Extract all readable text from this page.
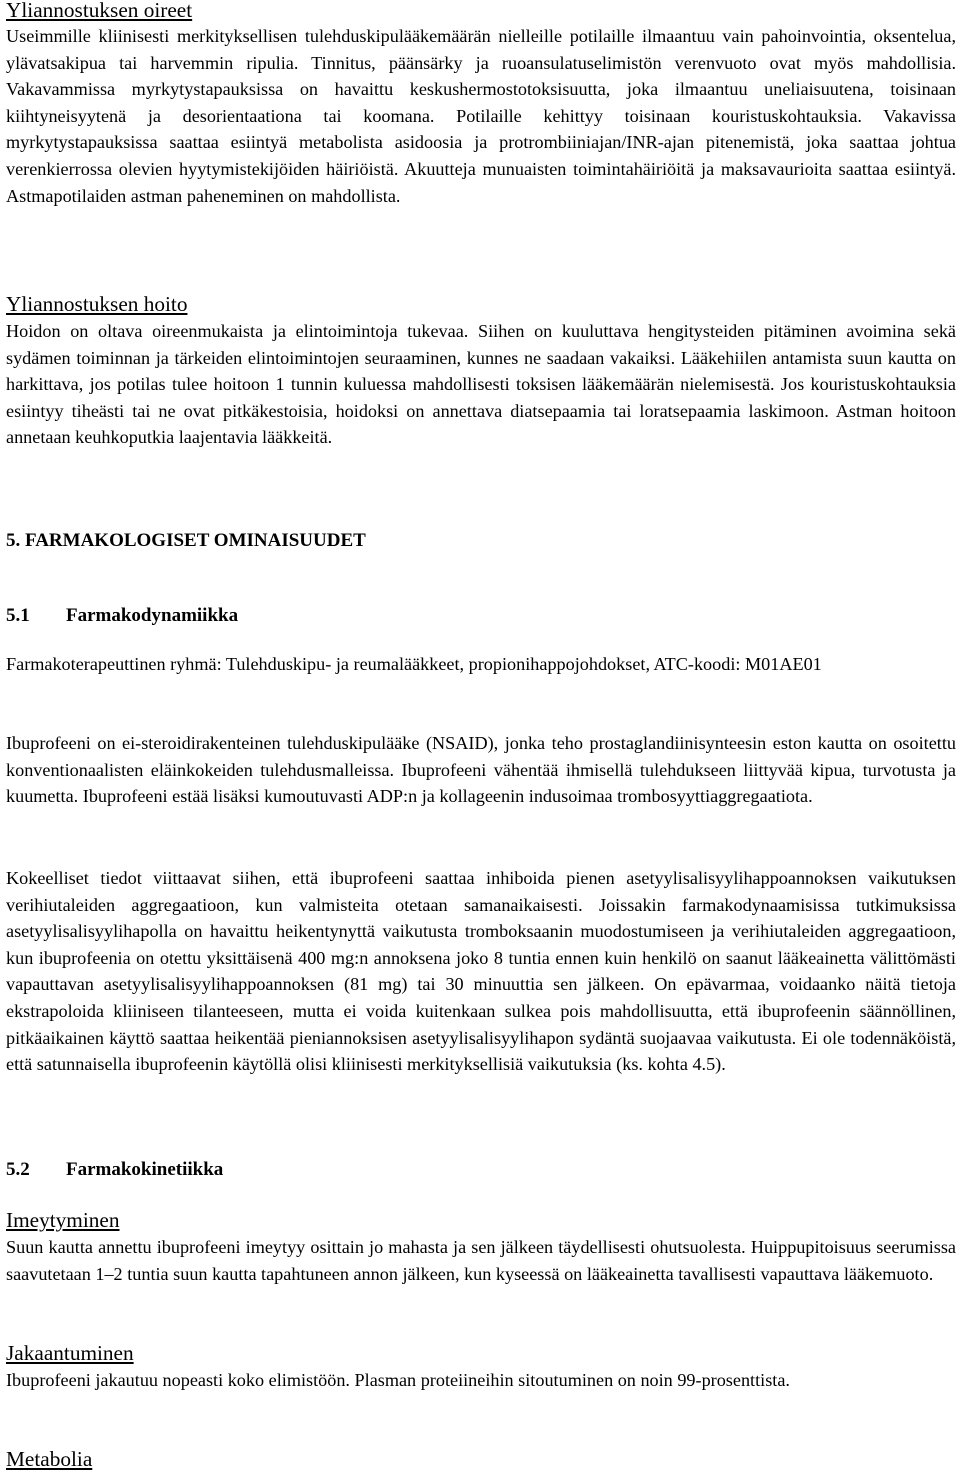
Yliannostuksen oireet

Useimmille kliinisesti merkityksellisen tulehduskipulääkemäärän nielleille potilaille ilmaantuu vain pahoinvointia, oksentelua, ylävatsakipua tai harvemmin ripulia. Tinnitus, päänsärky ja ruoansulatuselimistön verenvuoto ovat myös mahdollisia. Vakavammissa myrkytystapauksissa on havaittu keskushermostotoksisuutta, joka ilmaantuu uneliaisuutena, toisinaan kiihtyneisyytenä ja desorientaationa tai koomana. Potilaille kehittyy toisinaan kouristuskohtauksia. Vakavissa myrkytystapauksissa saattaa esiintyä metabolista asidoosia ja protrombiiniajan/INR-ajan pitenemistä, joka saattaa johtua verenkierrossa olevien hyytymistekijöiden häiriöistä. Akuutteja munuaisten toimintahäiriöitä ja maksavaurioita saattaa esiintyä. Astmapotilaiden astman paheneminen on mahdollista.

Yliannostuksen hoito

Hoidon on oltava oireenmukaista ja elintoimintoja tukevaa. Siihen on kuuluttava hengitysteiden pitäminen avoimina sekä sydämen toiminnan ja tärkeiden elintoimintojen seuraaminen, kunnes ne saadaan vakaiksi. Lääkehiilen antamista suun kautta on harkittava, jos potilas tulee hoitoon 1 tunnin kuluessa mahdollisesti toksisen lääkemäärän nielemisestä. Jos kouristuskohtauksia esiintyy tiheästi tai ne ovat pitkäkestoisia, hoidoksi on annettava diatsepaamia tai loratsepaamia laskimoon. Astman hoitoon annetaan keuhkoputkia laajentavia lääkkeitä.

5. FARMAKOLOGISET OMINAISUUDET
5.1 Farmakodynamiikka

Farmakoterapeuttinen ryhmä: Tulehduskipu- ja reumalääkkeet, propionihappojohdokset, ATC-koodi: M01AE01

Ibuprofeeni on ei-steroidirakenteinen tulehduskipulääke (NSAID), jonka teho prostaglandiinisynteesin eston kautta on osoitettu konventionaalisten eläinkokeiden tulehdusmalleissa. Ibuprofeeni vähentää ihmisellä tulehdukseen liittyvää kipua, turvotusta ja kuumetta. Ibuprofeeni estää lisäksi kumoutuvasti ADP:n ja kollageenin indusoimaa trombosyyttiaggregaatiota.

Kokeelliset tiedot viittaavat siihen, että ibuprofeeni saattaa inhiboida pienen asetyylisalisyylihappoannoksen vaikutuksen verihiutaleiden aggregaatioon, kun valmisteita otetaan samanaikaisesti. Joissakin farmakodynaamisissa tutkimuksissa asetyylisalisyylihapolla on havaittu heikentynyttä vaikutusta tromboksaanin muodostumiseen ja verihiutaleiden aggregaatioon, kun ibuprofeenia on otettu yksittäisenä 400 mg:n annoksena joko 8 tuntia ennen kuin henkilö on saanut lääkeainetta välittömästi vapauttavan asetyylisalisyylihappoannoksen (81 mg) tai 30 minuuttia sen jälkeen. On epävarmaa, voidaanko näitä tietoja ekstrapoloida kliiniseen tilanteeseen, mutta ei voida kuitenkaan sulkea pois mahdollisuutta, että ibuprofeenin säännöllinen, pitkäaikainen käyttö saattaa heikentää pieniannoksisen asetyylisalisyylihapon sydäntä suojaavaa vaikutusta. Ei ole todennäköistä, että satunnaisella ibuprofeenin käytöllä olisi kliinisesti merkityksellisiä vaikutuksia (ks. kohta 4.5).

5.2 Farmakokinetiikka
Imeytyminen

Suun kautta annettu ibuprofeeni imeytyy osittain jo mahasta ja sen jälkeen täydellisesti ohutsuolesta. Huippupitoisuus seerumissa saavutetaan 1–2 tuntia suun kautta tapahtuneen annon jälkeen, kun kyseessä on lääkeainetta tavallisesti vapauttava lääkemuoto.

Jakaantuminen

Ibuprofeeni jakautuu nopeasti koko elimistöön. Plasman proteiineihin sitoutuminen on noin 99-prosenttista.

Metabolia
